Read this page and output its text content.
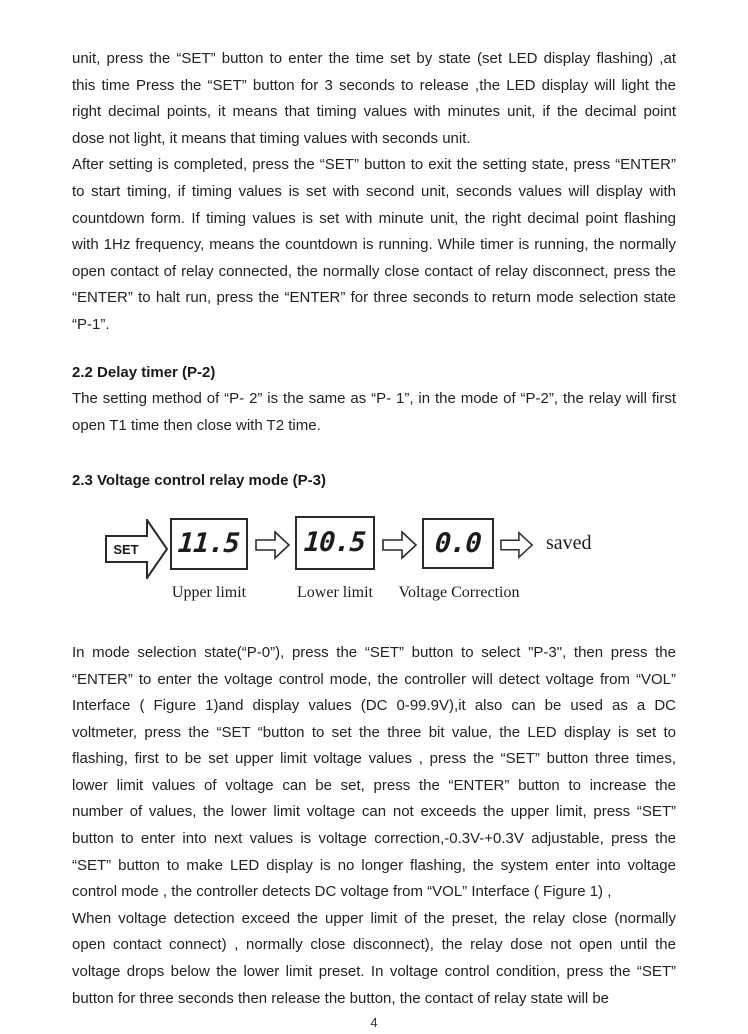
unit, press the “SET” button to enter the time set by state (set LED display flashing) ,at
this time Press the “SET” button for 3 seconds to release ,the LED display will light the
right decimal points, it means that timing values with minutes unit, if the decimal point
dose not light, it means that timing values with seconds unit.
After setting is completed, press the “SET” button to exit the setting state, press “ENTER”
to start timing, if timing values is set with second unit, seconds values will display with
countdown form. If timing values is set with minute unit, the right decimal point flashing
with 1Hz frequency, means the countdown is running. While timer is running, the normally
open contact of relay connected, the normally close contact of relay disconnect, press the
“ENTER” to halt run, press the “ENTER” for three seconds to return mode selection state
“P-1”.
2.2 Delay timer (P-2)
The setting method of “P- 2” is the same as “P- 1”, in the mode of “P-2”, the relay will first
open T1 time then close with T2 time.
2.3 Voltage control relay mode (P-3)
SET 11.5 10.5 0.0	saved
Upper limit	Lower limit Voltage Correction
In mode selection state(“P-0”), press the “SET” button to select "P-3", then press the
“ENTER” to enter the voltage control mode, the controller will detect voltage from “VOL”
Interface ( Figure 1)and display values (DC 0-99.9V),it also can be used as a DC
voltmeter, press the “SET “button to set the three bit value, the LED display is set to
flashing, first to be set upper limit voltage values , press the “SET” button three times,
lower limit values of voltage can be set, press the “ENTER” button to increase the
number of values, the lower limit voltage can not exceeds the upper limit, press “SET”
button to enter into next values is voltage correction,-0.3V-+0.3V adjustable, press the
“SET” button to make LED display is no longer flashing, the system enter into voltage
control mode , the controller detects DC voltage from “VOL” Interface ( Figure 1) ,
When voltage detection exceed the upper limit of the preset, the relay close (normally
open contact connect) , normally close disconnect), the relay dose not open until the
voltage drops below the lower limit preset. In voltage control condition, press the “SET”
button for three seconds then release the button, the contact of relay state will be
4
